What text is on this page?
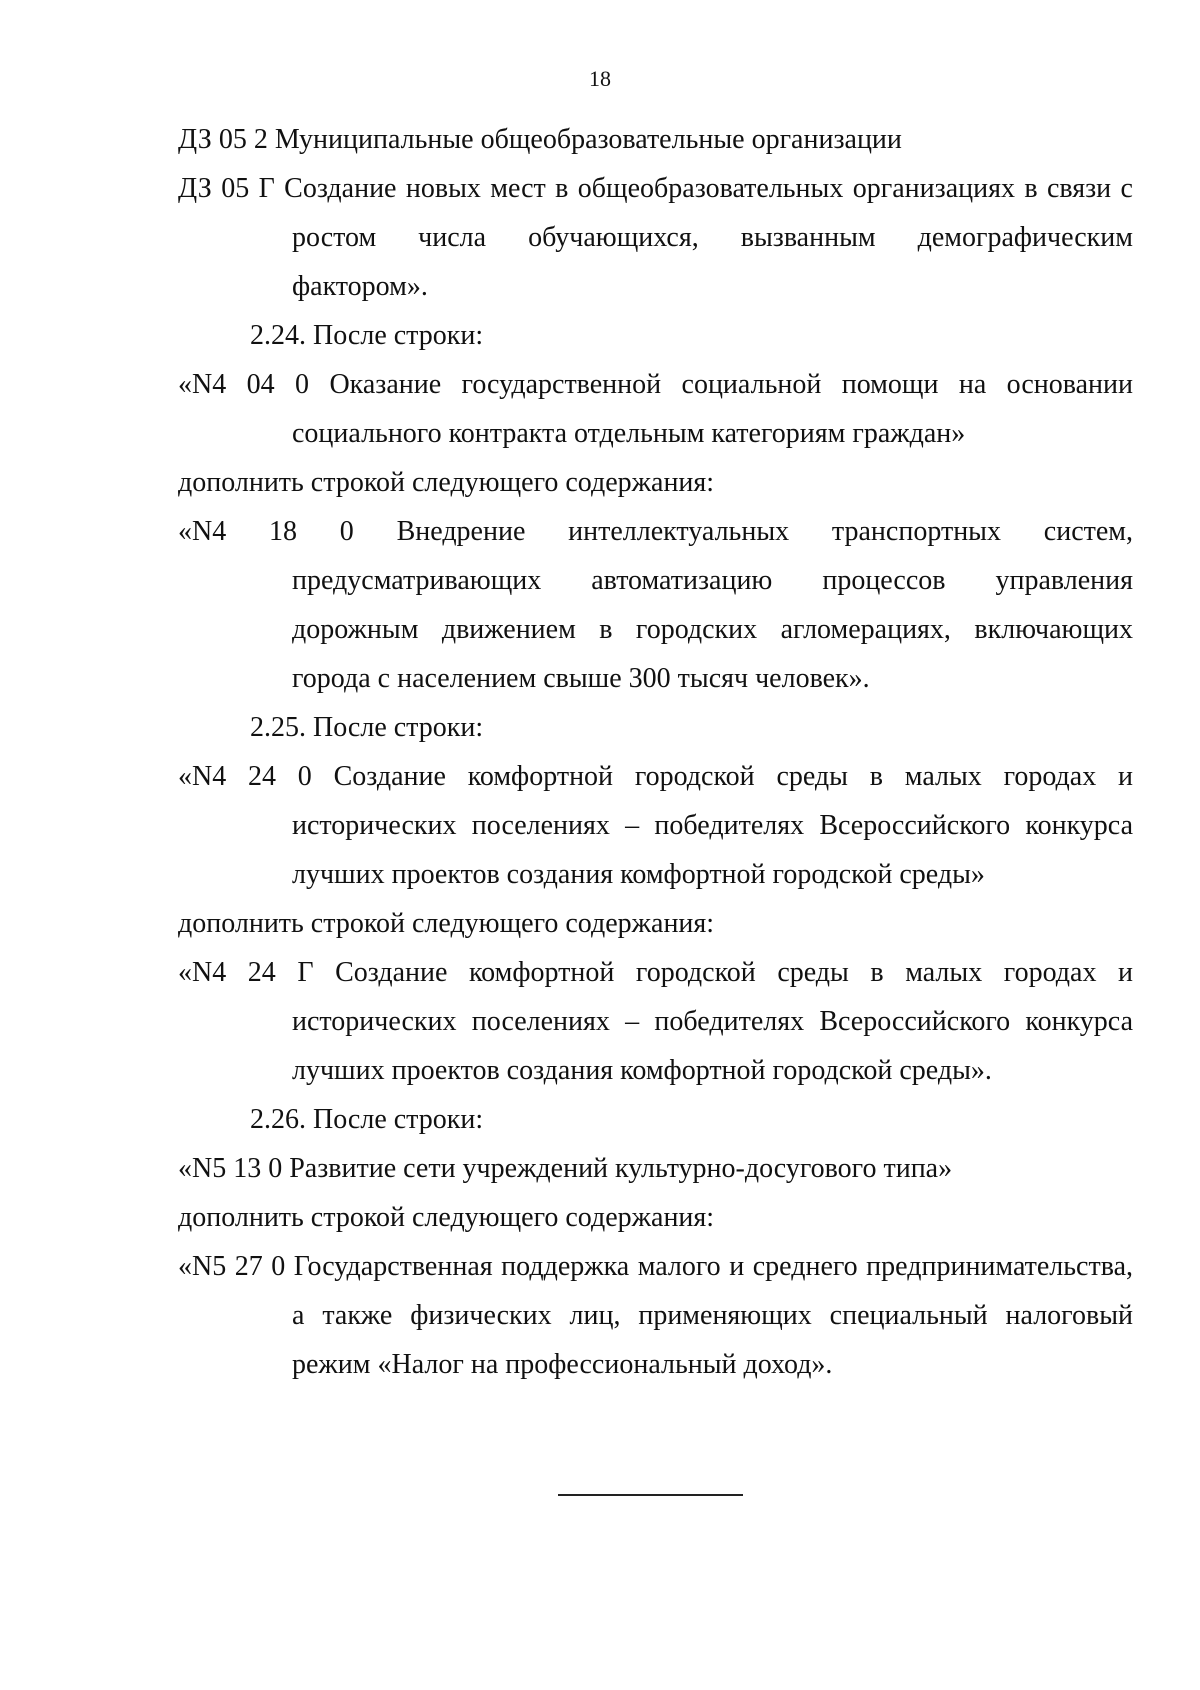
18
ДЗ 05 2 Муниципальные общеобразовательные организации
ДЗ 05 Г Создание новых мест в общеобразовательных организациях в связи с
ростом числа обучающихся, вызванным демографическим
фактором».
2.24. После строки:
«N4 04 0 Оказание государственной социальной помощи на основании
социального контракта отдельным категориям граждан»
дополнить строкой следующего содержания:
«N4 18 0 Внедрение интеллектуальных транспортных систем,
предусматривающих автоматизацию процессов управления
дорожным движением в городских агломерациях, включающих
города с населением свыше 300 тысяч человек».
2.25. После строки:
«N4 24 0 Создание комфортной городской среды в малых городах и
исторических поселениях – победителях Всероссийского конкурса
лучших проектов создания комфортной городской среды»
дополнить строкой следующего содержания:
«N4 24 Г Создание комфортной городской среды в малых городах и
исторических поселениях – победителях Всероссийского конкурса
лучших проектов создания комфортной городской среды».
2.26. После строки:
«N5 13 0 Развитие сети учреждений культурно-досугового типа»
дополнить строкой следующего содержания:
«N5 27 0 Государственная поддержка малого и среднего предпринимательства,
а также физических лиц, применяющих специальный налоговый
режим «Налог на профессиональный доход».
